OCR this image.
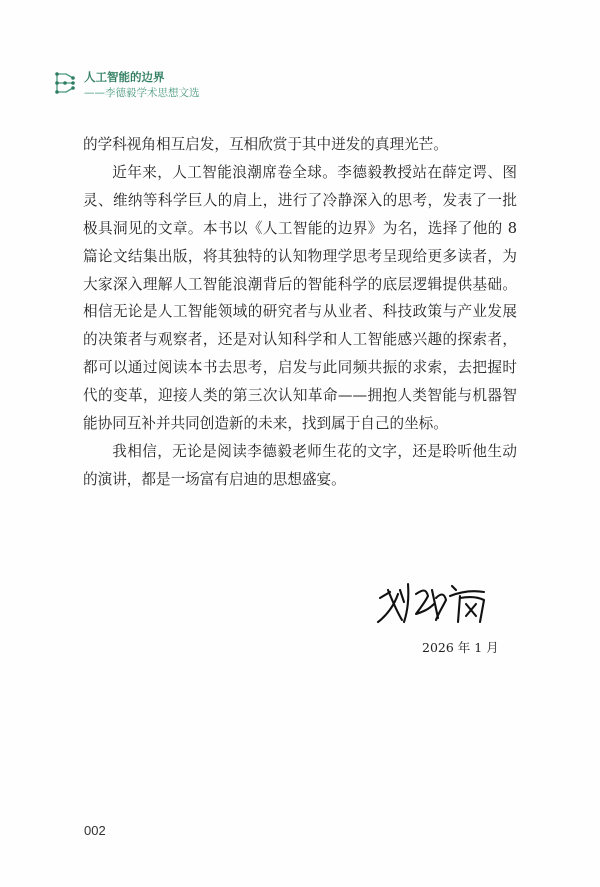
人工智能的边界
——李德毅学术思想文选

的学科视角相互启发，互相欣赏于其中迸发的真理光芒。

近年来，人工智能浪潮席卷全球。李德毅教授站在薛定谔、图灵、维纳等科学巨人的肩上，进行了冷静深入的思考，发表了一批极具洞见的文章。本书以《人工智能的边界》为名，选择了他的 8 篇论文结集出版，将其独特的认知物理学思考呈现给更多读者，为大家深入理解人工智能浪潮背后的智能科学的底层逻辑提供基础。相信无论是人工智能领域的研究者与从业者、科技政策与产业发展的决策者与观察者，还是对认知科学和人工智能感兴趣的探索者，都可以通过阅读本书去思考，启发与此同频共振的求索，去把握时代的变革，迎接人类的第三次认知革命——拥抱人类智能与机器智能协同互补并共同创造新的未来，找到属于自己的坐标。

我相信，无论是阅读李德毅老师生花的文字，还是聆听他生动的演讲，都是一场富有启迪的思想盛宴。

2026 年 1 月
002
